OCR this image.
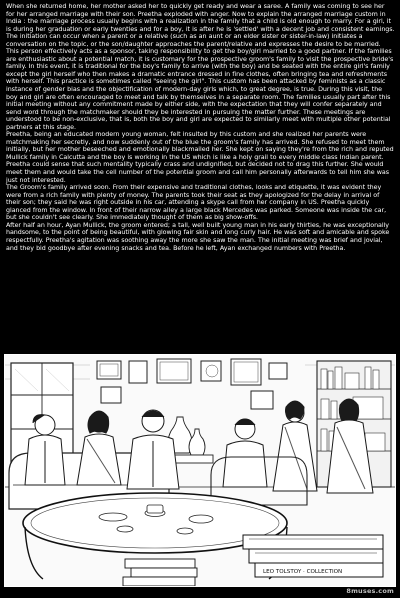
When she returned home, her mother asked her to quickly get ready and wear a saree. A family was coming to see her for her arranged marriage with their son. Preetha exploded with anger. Now to explain the arranged marriage custom in India : the marriage process usually begins with a realization in the family that a child is old enough to marry. For a girl, it is during her graduation or early twenties and for a boy, it is after he is 'settled' with a decent job and consistent earnings. The initiation can occur when a parent or a relative (such as an aunt or an elder sister or sister-in-law) initiates a conversation on the topic, or the son/daughter approaches the parent/relative and expresses the desire to be married. This person effectively acts as a sponsor, taking responsibility to get the boy/girl married to a good partner. If the families are enthusiastic about a potential match, it is customary for the prospective groom's family to visit the prospective bride's family. In this event, it is traditional for the boy's family to arrive (with the boy) and be seated with the entire girl's family except the girl herself who then makes a dramatic entrance dressed in fine clothes, often bringing tea and refreshments with herself. This practice is sometimes called "seeing the girl". This custom has been attacked by feminists as a classic instance of gender bias and the objectification of modern-day girls which, to great degree, is true. During this visit, the boy and girl are often encouraged to meet and talk by themselves in a separate room. The families usually part after this initial meeting without any commitment made by either side, with the expectation that they will confer separately and send word through the matchmaker should they be interested in pursuing the matter further. These meetings are understood to be non-exclusive, that is, both the boy and girl are expected to similarly meet with multiple other potential partners at this stage.

Preetha, being an educated modern young woman, felt insulted by this custom and she realized her parents were matchmaking her secretly, and now suddenly out of the blue the groom's family has arrived. She refused to meet them initially, but her mother beseeched and emotionally blackmailed her. She kept on saying they're from the rich and reputed Mullick family in Calcutta and the boy is working in the US which is like a holy grail to every middle class Indian parent. Preetha could sense that such mentality typically crass and undignified, but decided not to drag this further. She would meet them and would take the cell number of the potential groom and call him personally afterwards to tell him she was just not interested.

The Groom's family arrived soon. From their expensive and traditional clothes, looks and etiquette, it was evident they were from a rich family with plenty of money. The parents took their seat as they apologized for the delay in arrival of their son; they said he was right outside in his car, attending a skype call from her company in US. Preetha quickly glanced from the window. In front of their narrow alley a large black Mercedes was parked. Someone was inside the car, but she couldn't see clearly. She immediately thought of them as big show-offs.

After half an hour, Ayan Mullick, the groom entered; a tall, well built young man in his early thirties, he was exceptionally handsome, to the point of being beautiful, with glowing fair skin and long curly hair. He was soft and amicable and spoke respectfully. Preetha's agitation was soothing away the more she saw the man. The initial meeting was brief and jovial, and they bid goodbye after evening snacks and tea. Before he left, Ayan exchanged numbers with Preetha.

LEO TOLSTOY · COLLECTION
8muses.com
